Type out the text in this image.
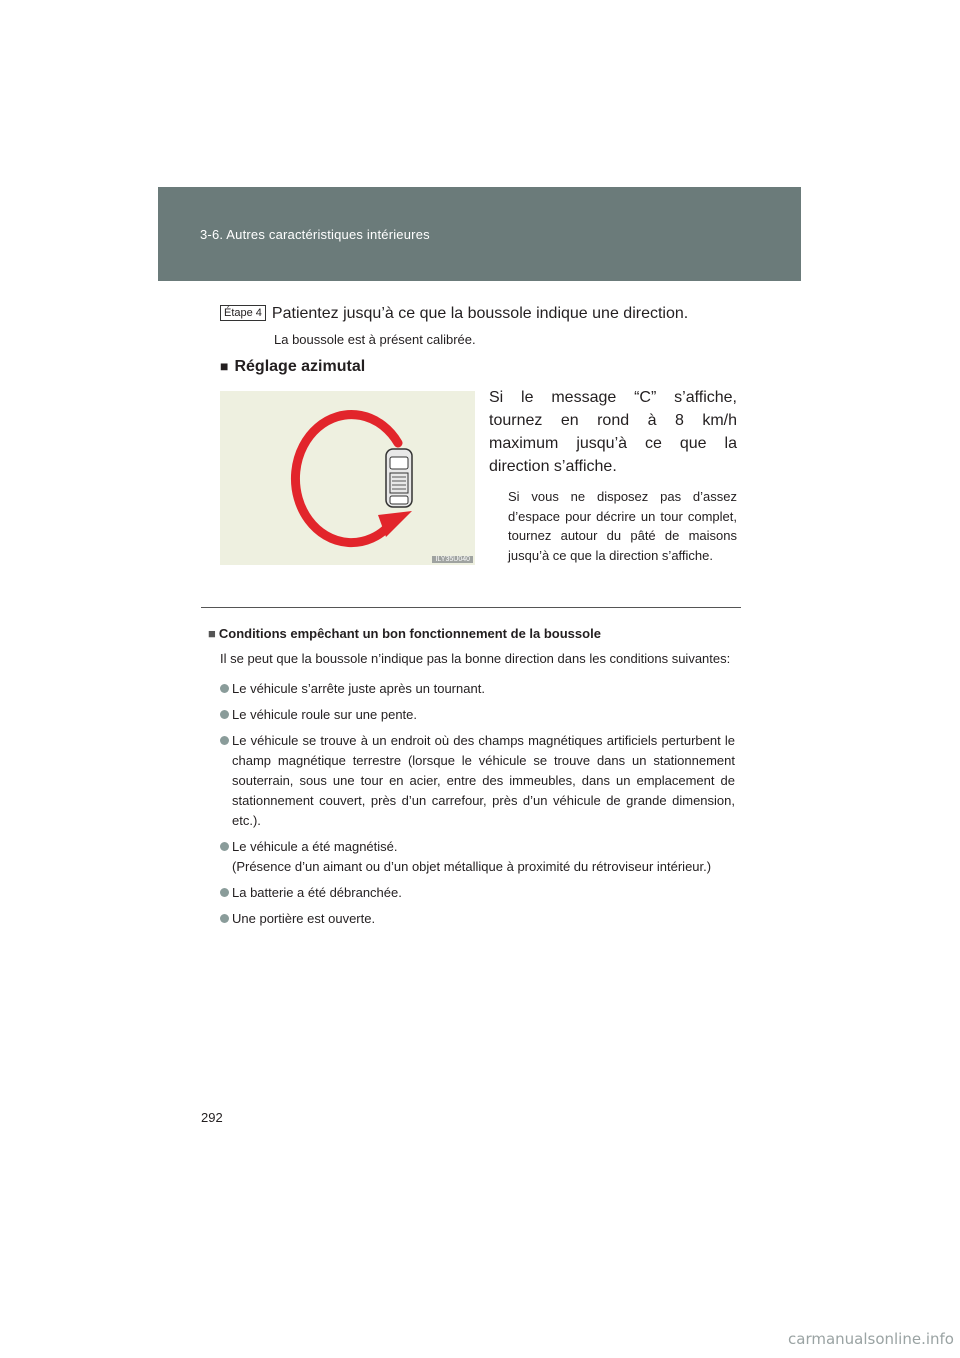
3-6. Autres caractéristiques intérieures
Étape 4 Patientez jusqu’à ce que la boussole indique une direction.
La boussole est à présent calibrée.
■ Réglage azimutal
ILY35U040
Si le message “C” s’affiche, tournez en rond à 8 km/h maximum jusqu’à ce que la direction s’affiche.
Si vous ne disposez pas d’assez d’espace pour décrire un tour complet, tournez autour du pâté de maisons jusqu’à ce que la direction s’affiche.
■ Conditions empêchant un bon fonctionnement de la boussole
Il se peut que la boussole n’indique pas la bonne direction dans les conditions suivantes:
Le véhicule s’arrête juste après un tournant.
Le véhicule roule sur une pente.
Le véhicule se trouve à un endroit où des champs magnétiques artificiels perturbent le champ magnétique terrestre (lorsque le véhicule se trouve dans un stationnement souterrain, sous une tour en acier, entre des immeubles, dans un emplacement de stationnement couvert, près d’un carrefour, près d’un véhicule de grande dimension, etc.).
Le véhicule a été magnétisé.
(Présence d’un aimant ou d’un objet métallique à proximité du rétroviseur intérieur.)
La batterie a été débranchée.
Une portière est ouverte.
292
carmanualsonline.info
